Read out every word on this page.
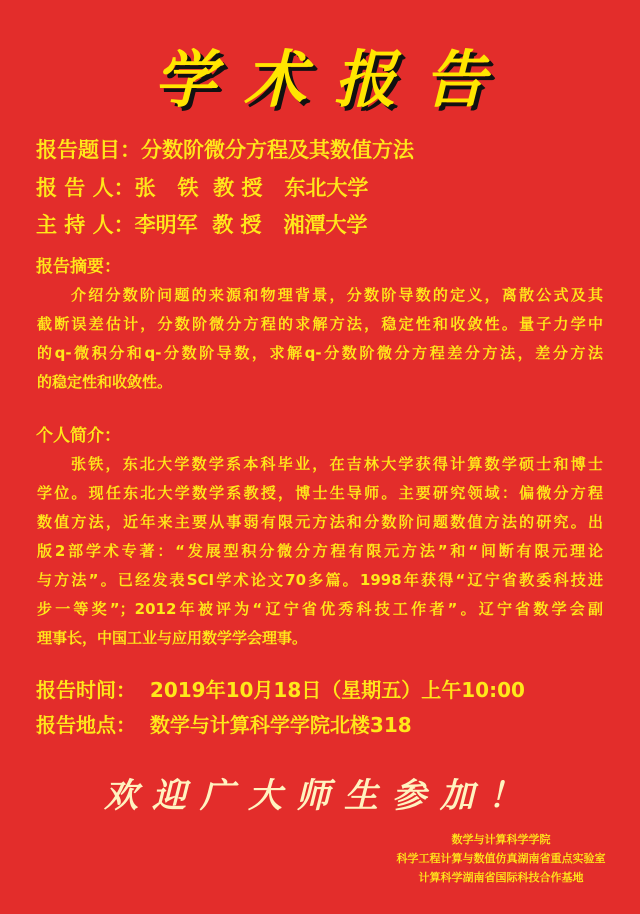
学术报告
报告题目：分数阶微分方程及其数值方法
报 告 人：张   铁  教 授   东北大学
主 持 人：李明军  教 授   湘潭大学
报告摘要：
介绍分数阶问题的来源和物理背景，分数阶导数的定义，离散公式及其
截断误差估计，分数阶微分方程的求解方法，稳定性和收敛性。量子力学中
的q-微积分和q-分数阶导数，求解q-分数阶微分方程差分方法，差分方法
的稳定性和收敛性。
个人简介：
张铁，东北大学数学系本科毕业，在吉林大学获得计算数学硕士和博士
学位。现任东北大学数学系教授，博士生导师。主要研究领域：偏微分方程
数值方法，近年来主要从事弱有限元方法和分数阶问题数值方法的研究。出
版2部学术专著：“发展型积分微分方程有限元方法”和“间断有限元理论
与方法”。已经发表SCI学术论文70多篇。1998年获得“辽宁省教委科技进
步一等奖”；2012年被评为“辽宁省优秀科技工作者”。辽宁省数学会副
理事长，中国工业与应用数学学会理事。
报告时间：  2019年10月18日（星期五）上午10:00
报告地点：  数学与计算科学学院北楼318
欢迎广大师生参加！
数学与计算科学学院
科学工程计算与数值仿真湖南省重点实验室
计算科学湖南省国际科技合作基地
